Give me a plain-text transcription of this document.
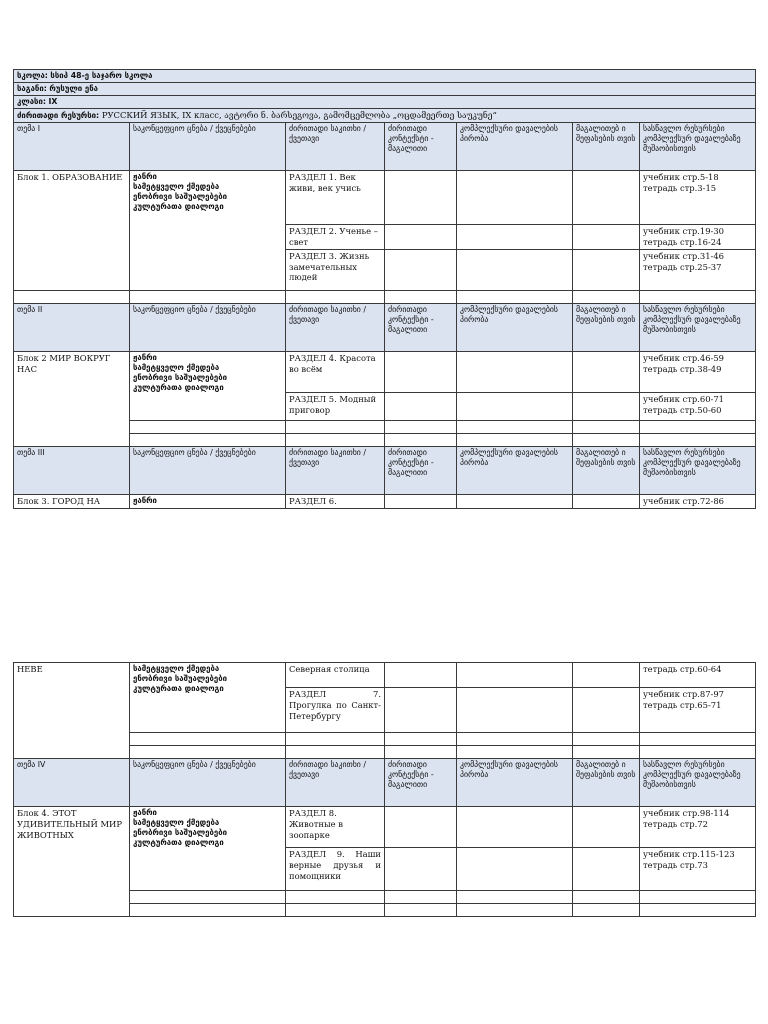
სკოლა: სსიპ 48-ე საჯარო სკოლა						
საგანი: რუსული ენა						
კლასი: IX						
ძირითადი რესურსი: РУССКИЙ ЯЗЫК, IX класс, ავტორი ნ. ბარსეგოვა, გამომცემლობა „ოცდამეერთე საუკუნე“						
თემა I	საკონცეფციო ცნება / ქვეცნებები	ძირითადი საკითხი / ქვეთავი	ძირითადი კონტექსტი - მაგალითი	კომპლექსური დავალების პირობა	მაგალითებ ი შეფასების თვის	სასწავლო რესურსები კომპლექსურ დავალებაზე მუშაობისთვის
Блок 1. ОБРАЗОВАНИЕ	ჟანრი
სამეტყველო ქმედება
ენობრივი საშუალებები
კულტურათა დიალოგი	РАЗДЕЛ 1. Век живи, век учись				учебник стр.5-18
тетрадь стр.3-15

		РАЗДЕЛ 2. Ученье – свет				учебник стр.19-30
тетрадь стр.16-24

		РАЗДЕЛ 3. Жизнь замечательных людей				учебник стр.31-46
тетрадь стр.25-37

თემა II	საკონცეფციო ცნება / ქვეცნებები	ძირითადი საკითხი / ქვეთავი	ძირითადი კონტექსტი - მაგალითი	კომპლექსური დავალების პირობა	მაგალითებ ი შეფასების თვის	სასწავლო რესურსები კომპლექსურ დავალებაზე მუშაობისთვის
Блок 2 МИР ВОКРУГ НАС	ჟანრი
სამეტყველო ქმედება
ენობრივი საშუალებები
კულტურათა დიალოგი	РАЗДЕЛ 4. Красота во всём				учебник стр.46-59
тетрадь стр.38-49

		РАЗДЕЛ 5. Модный приговор				учебник стр.60-71
тетрадь стр.50-60

თემა III	საკონცეფციო ცნება / ქვეცნებები	ძირითადი საკითხი / ქვეთავი	ძირითადი კონტექსტი - მაგალითი	კომპლექსური დავალების პირობა	მაგალითებ ი შეფასების თვის	სასწავლო რესურსები კომპლექსურ დავალებაზე მუშაობისთვის
Блок 3. ГОРОД НА	ჟანრი	РАЗДЕЛ 6.				учебник стр.72-86
НЕВЕ	სამეტყველო ქმედება
ენობრივი საშუალებები
კულტურათა დიალოგი	Северная столица				тетрадь стр.60-64
		РАЗДЕЛ 7. Прогулка по Санкт-Петербургу				учебник стр.87-97
тетрадь стр.65-71

თემა IV	საკონცეფციო ცნება / ქვეცნებები	ძირითადი საკითხი / ქვეთავი	ძირითადი კონტექსტი - მაგალითი	კომპლექსური დავალების პირობა	მაგალითებ ი შეფასების თვის	სასწავლო რესურსები კომპლექსურ დავალებაზე მუშაობისთვის
Блок 4. ЭТОТ УДИВИТЕЛЬНЫЙ МИР ЖИВОТНЫХ	ჟანრი
სამეტყველო ქმედება
ენობრივი საშუალებები
კულტურათა დიალოგი	РАЗДЕЛ 8. Животные в зоопарке				учебник стр.98-114
тетрадь стр.72

		РАЗДЕЛ 9. Наши верные друзья и помощники				учебник стр.115-123
тетрадь стр.73
